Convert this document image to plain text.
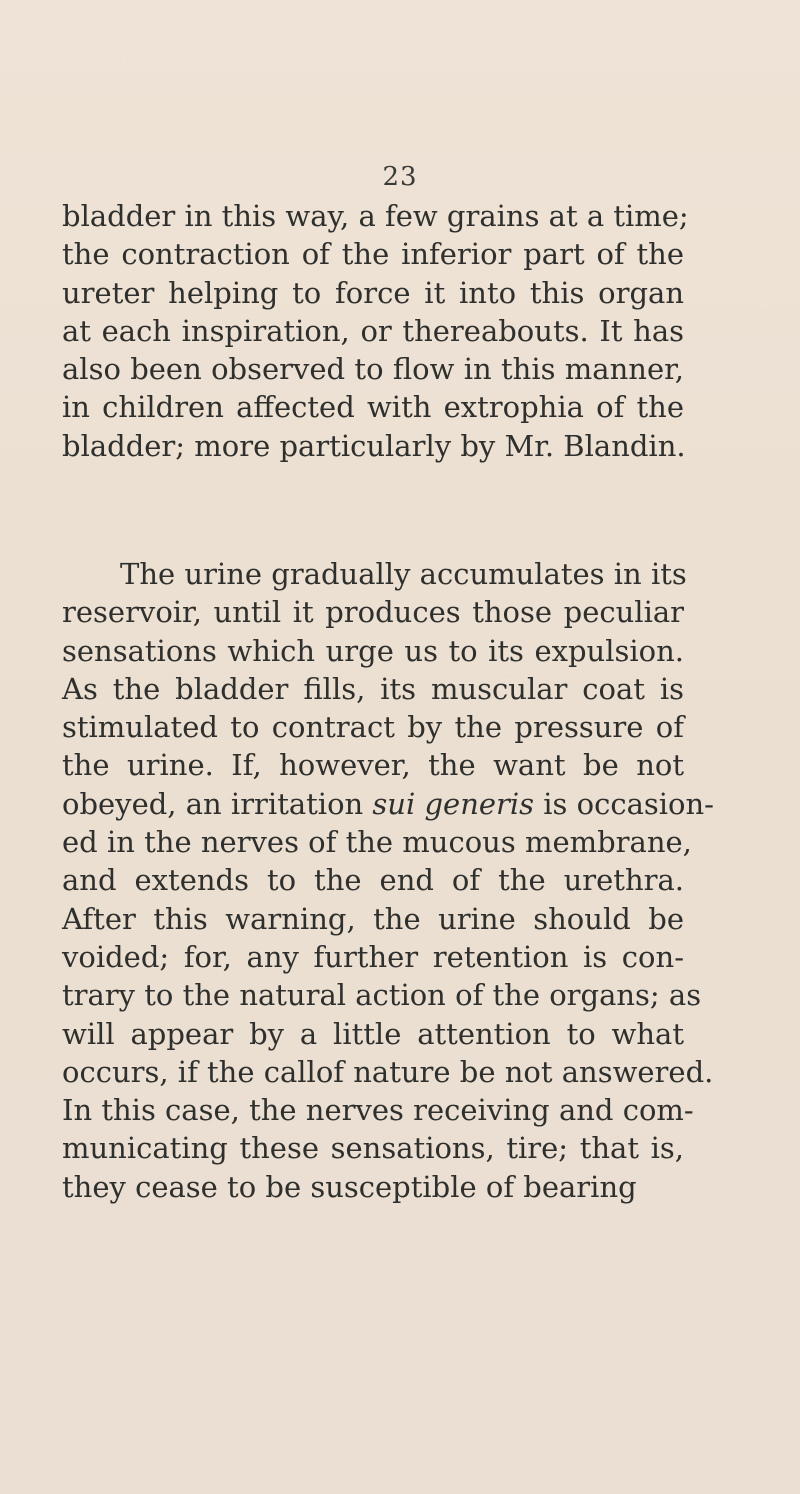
23
bladder in this way, a few grains at a time;
the contraction of the inferior part of the
ureter helping to force it into this organ
at each inspiration, or thereabouts. It has
also been observed to flow in this manner,
in children affected with extrophia of the
bladder; more particularly by Mr. Blandin.
The urine gradually accumulates in its
reservoir, until it produces those peculiar
sensations which urge us to its expulsion.
As the bladder fills, its muscular coat is
stimulated to contract by the pressure of
the urine. If, however, the want be not
obeyed, an irritation sui generis is occasion-
ed in the nerves of the mucous membrane,
and extends to the end of the urethra.
After this warning, the urine should be
voided; for, any further retention is con-
trary to the natural action of the organs; as
will appear by a little attention to what
occurs, if the callof nature be not answered.
In this case, the nerves receiving and com-
municating these sensations, tire; that is,
they cease to be susceptible of bearing
